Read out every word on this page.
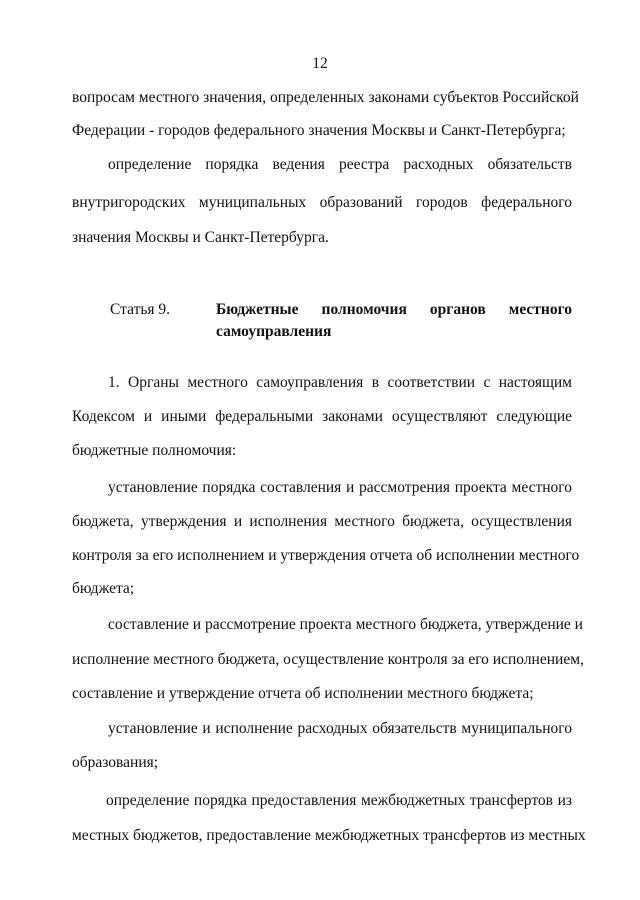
12
вопросам местного значения, определенных законами субъектов Российской
Федерации - городов федерального значения Москвы и Санкт-Петербурга;
определение порядка ведения реестра расходных обязательств
внутригородских муниципальных образований городов федерального
значения Москвы и Санкт-Петербурга.
Статья 9.	Бюджетные полномочия органов местного
самоуправления
1. Органы местного самоуправления в соответствии с настоящим
Кодексом и иными федеральными законами осуществляют следующие
бюджетные полномочия:
установление порядка составления и рассмотрения проекта местного
бюджета, утверждения и исполнения местного бюджета, осуществления
контроля за его исполнением и утверждения отчета об исполнении местного
бюджета;
составление и рассмотрение проекта местного бюджета, утверждение и
исполнение местного бюджета, осуществление контроля за его исполнением,
составление и утверждение отчета об исполнении местного бюджета;
установление и исполнение расходных обязательств муниципального
образования;
определение порядка предоставления межбюджетных трансфертов из
местных бюджетов, предоставление межбюджетных трансфертов из местных
